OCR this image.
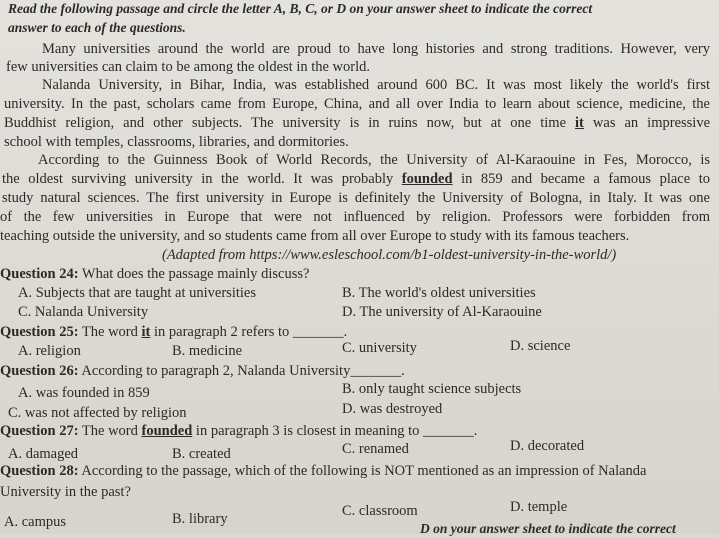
Read the following passage and circle the letter A, B, C, or D on your answer sheet to indicate the correct
answer to each of the questions.
Many universities around the world are proud to have long histories and strong traditions. However, very
few universities can claim to be among the oldest in the world.
Nalanda University, in Bihar, India, was established around 600 BC. It was most likely the world's first
university. In the past, scholars came from Europe, China, and all over India to learn about science, medicine, the
Buddhist religion, and other subjects. The university is in ruins now, but at one time it was an impressive
school with temples, classrooms, libraries, and dormitories.
According to the Guinness Book of World Records, the University of Al-Karaouine in Fes, Morocco, is
the oldest surviving university in the world. It was probably founded in 859 and became a famous place to
study natural sciences. The first university in Europe is definitely the University of Bologna, in Italy. It was one
of the few universities in Europe that were not influenced by religion. Professors were forbidden from
teaching outside the university, and so students came from all over Europe to study with its famous teachers.
(Adapted from https://www.esleschool.com/b1-oldest-university-in-the-world/)
Question 24: What does the passage mainly discuss?
A. Subjects that are taught at universities	B. The world's oldest universities
C. Nalanda University	D. The university of Al-Karaouine
Question 25: The word it in paragraph 2 refers to _______.
A. religion	B. medicine	C. university	D. science
Question 26: According to paragraph 2, Nalanda University_______.
A. was founded in 859	B. only taught science subjects
C. was not affected by religion	D. was destroyed
Question 27: The word founded in paragraph 3 is closest in meaning to _______.
A. damaged	B. created	C. renamed	D. decorated
Question 28: According to the passage, which of the following is NOT mentioned as an impression of Nalanda
University in the past?
A. campus	B. library	C. classroom	D. temple
D on your answer sheet to indicate the correct
